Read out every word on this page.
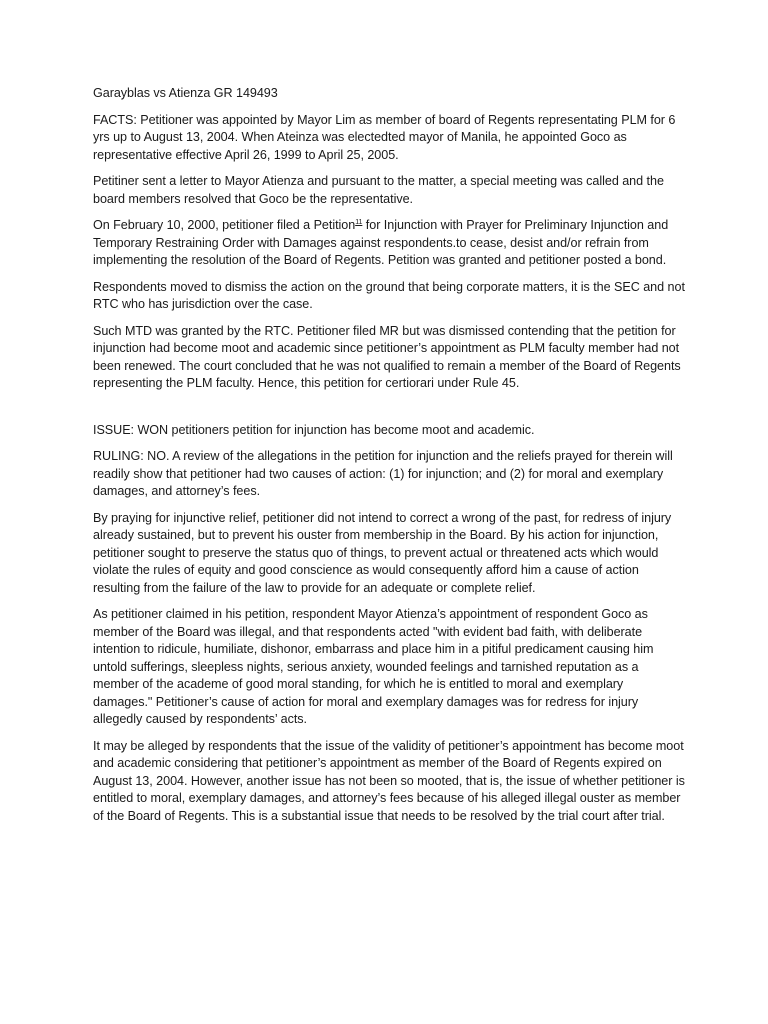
Garayblas vs Atienza GR 149493

FACTS: Petitioner was appointed by Mayor Lim as member of board of Regents representating PLM for 6 yrs up to August 13, 2004. When Ateinza was electedted mayor of Manila, he appointed Goco as representative effective April 26, 1999 to April 25, 2005.

Petitiner sent a letter to Mayor Atienza and pursuant to the matter, a special meeting was called and the board members resolved that Goco be the representative.

On February 10, 2000, petitioner filed a Petition$^{11}$ for Injunction with Prayer for Preliminary Injunction and Temporary Restraining Order with Damages against respondents.to cease, desist and/or refrain from implementing the resolution of the Board of Regents. Petition was granted and petitioner posted a bond.

Respondents moved to dismiss the action on the ground that being corporate matters, it is the SEC and not RTC who has jurisdiction over the case.

Such MTD was granted by the RTC. Petitioner filed MR but was dismissed contending that the petition for injunction had become moot and academic since petitioner’s appointment as PLM faculty member had not been renewed. The court concluded that he was not qualified to remain a member of the Board of Regents representing the PLM faculty. Hence, this petition for certiorari under Rule 45.

ISSUE: WON petitioners petition for injunction has become moot and academic.

RULING: NO. A review of the allegations in the petition for injunction and the reliefs prayed for therein will readily show that petitioner had two causes of action: (1) for injunction; and (2) for moral and exemplary damages, and attorney’s fees.

By praying for injunctive relief, petitioner did not intend to correct a wrong of the past, for redress of injury already sustained, but to prevent his ouster from membership in the Board. By his action for injunction, petitioner sought to preserve the status quo of things, to prevent actual or threatened acts which would violate the rules of equity and good conscience as would consequently afford him a cause of action resulting from the failure of the law to provide for an adequate or complete relief.

As petitioner claimed in his petition, respondent Mayor Atienza’s appointment of respondent Goco as member of the Board was illegal, and that respondents acted "with evident bad faith, with deliberate intention to ridicule, humiliate, dishonor, embarrass and place him in a pitiful predicament causing him untold sufferings, sleepless nights, serious anxiety, wounded feelings and tarnished reputation as a member of the academe of good moral standing, for which he is entitled to moral and exemplary damages." Petitioner’s cause of action for moral and exemplary damages was for redress for injury allegedly caused by respondents’ acts.

It may be alleged by respondents that the issue of the validity of petitioner’s appointment has become moot and academic considering that petitioner’s appointment as member of the Board of Regents expired on August 13, 2004. However, another issue has not been so mooted, that is, the issue of whether petitioner is entitled to moral, exemplary damages, and attorney’s fees because of his alleged illegal ouster as member of the Board of Regents. This is a substantial issue that needs to be resolved by the trial court after trial.
